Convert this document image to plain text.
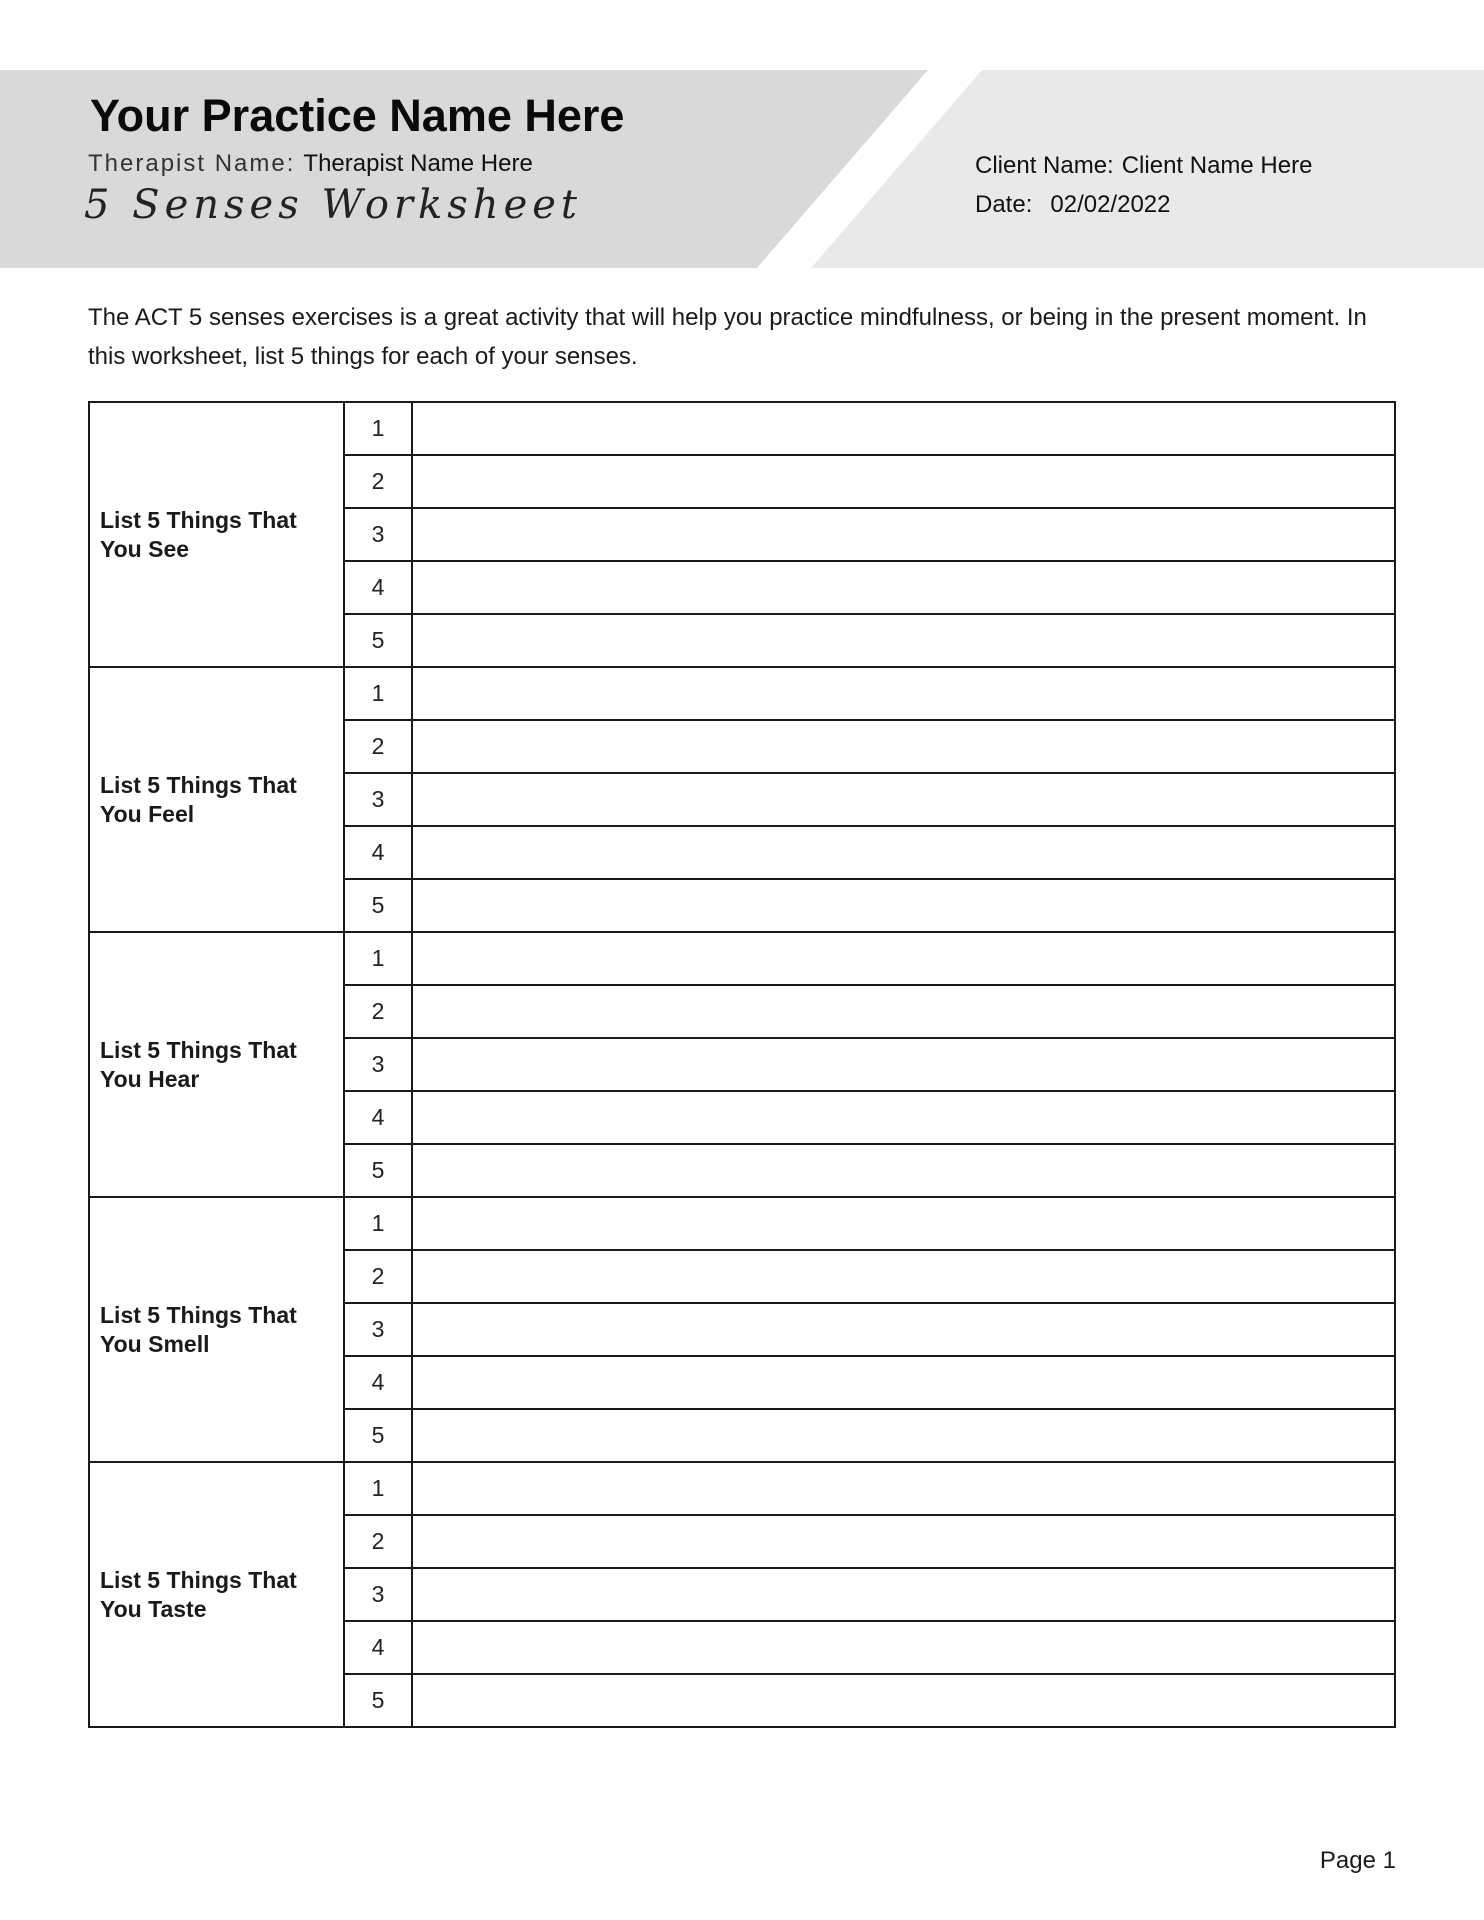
Your Practice Name Here
Therapist Name: Therapist Name Here
5 Senses Worksheet
Client Name: Client Name Here
Date: 02/02/2022
The ACT 5 senses exercises is a great activity that will help you practice mindfulness, or being in the present moment. In this worksheet, list 5 things for each of your senses.
List 5 Things That You See	1	
	2	
	3	
	4	
	5	
List 5 Things That You Feel	1	
	2	
	3	
	4	
	5	
List 5 Things That You Hear	1	
	2	
	3	
	4	
	5	
List 5 Things That You Smell	1	
	2	
	3	
	4	
	5	
List 5 Things That You Taste	1	
	2	
	3	
	4	
	5	
Page 1
